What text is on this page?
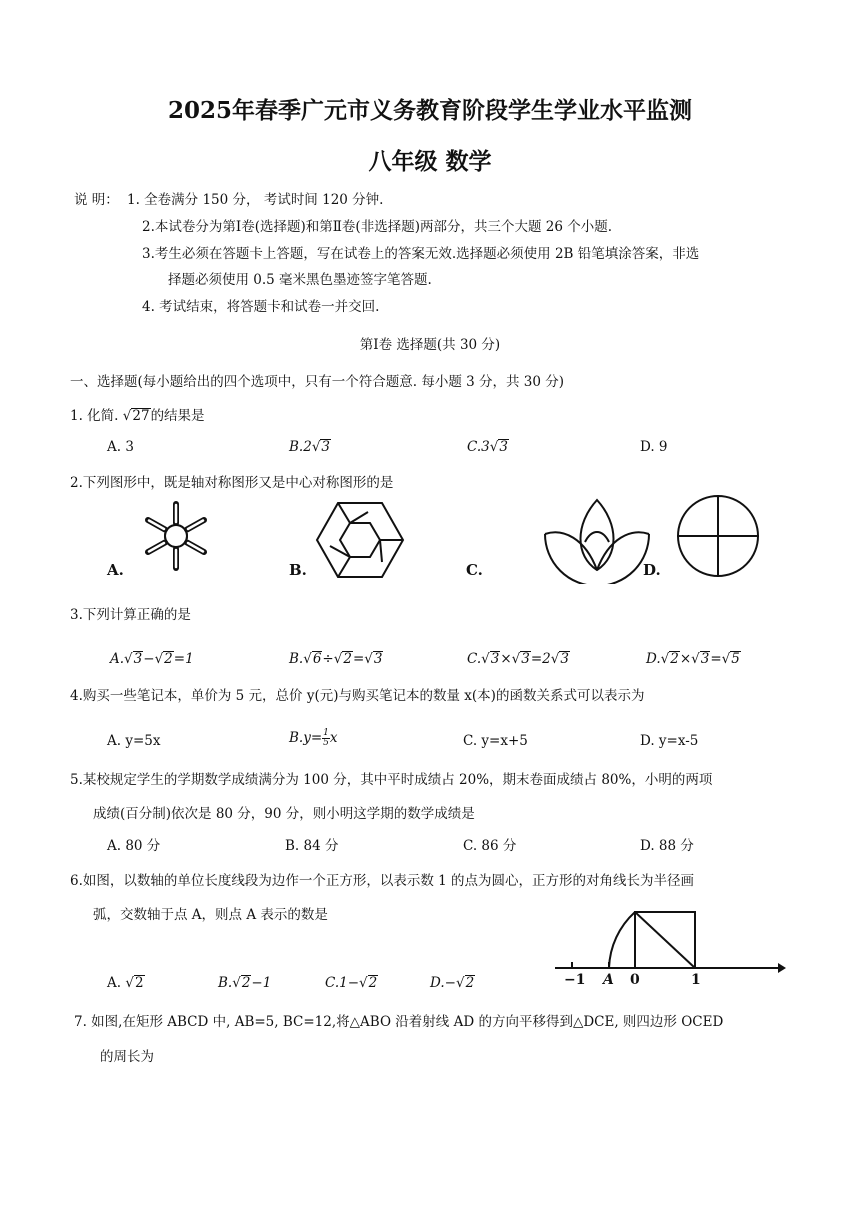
2025年春季广元市义务教育阶段学生学业水平监测
八年级 数学
说 明： 1. 全卷满分 150 分， 考试时间 120 分钟.
2.本试卷分为第Ⅰ卷(选择题)和第Ⅱ卷(非选择题)两部分，共三个大题 26 个小题.
3.考生必须在答题卡上答题，写在试卷上的答案无效.选择题必须使用 2B 铅笔填涂答案，非选
择题必须使用 0.5 毫米黑色墨迹签字笔答题.
4. 考试结束，将答题卡和试卷一并交回.
第Ⅰ卷 选择题(共 30 分)
一、选择题(每小题给出的四个选项中，只有一个符合题意. 每小题 3 分，共 30 分)
1. 化简. √27的结果是
A. 3	B.2√3	C.3√3	D. 9
2.下列图形中，既是轴对称图形又是中心对称图形的是
A.	B.	C.	D.
3.下列计算正确的是
A.√3−√2=1	B.√6÷√2=√3	C.√3×√3=2√3	D.√2×√3=√5
4.购买一些笔记本，单价为 5 元，总价 y(元)与购买笔记本的数量 x(本)的函数关系式可以表示为
A. y=5x	$B.y= \frac{1}{5}$ x	C. y=x+5	D. y=x-5
5.某校规定学生的学期数学成绩满分为 100 分，其中平时成绩占 20%，期末卷面成绩占 80%，小明的两项
成绩(百分制)依次是 80 分，90 分，则小明这学期的数学成绩是
A. 80 分	B. 84 分	C. 86 分	D. 88 分
6.如图，以数轴的单位长度线段为边作一个正方形，以表示数 1 的点为圆心，正方形的对角线长为半径画
弧，交数轴于点 A，则点 A 表示的数是
A. √2	B.√2−1	C.1−√2	D.−√2	−1 A 0	1
7. 如图,在矩形 ABCD 中, AB=5, BC=12,将△ABO 沿着射线 AD 的方向平移得到△DCE, 则四边形 OCED
的周长为
